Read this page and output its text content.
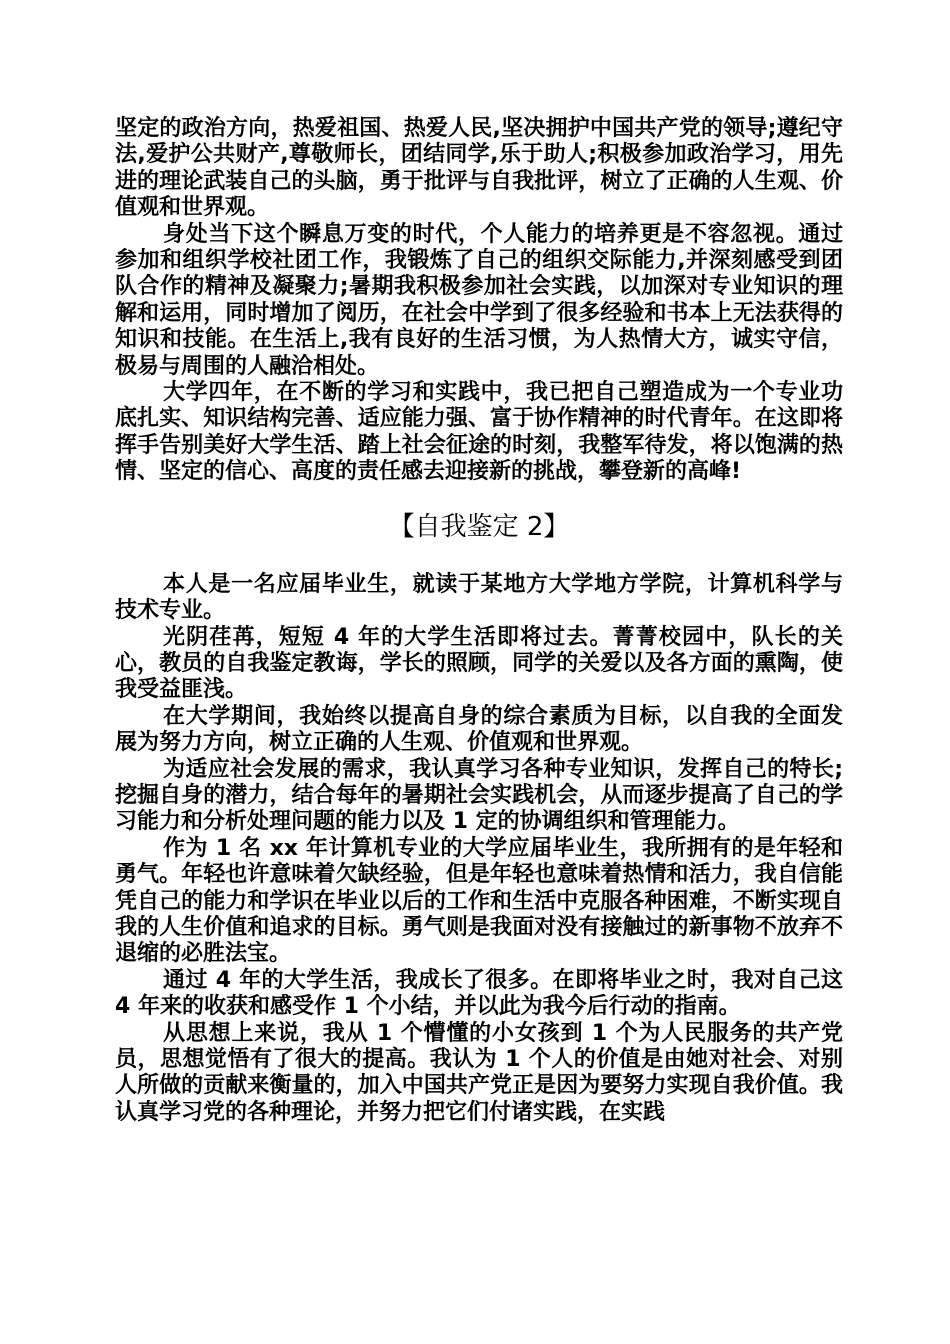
坚定的政治方向，热爱祖国、热爱人民,坚决拥护中国共产党的领导;遵纪守法,爱护公共财产,尊敬师长，团结同学,乐于助人;积极参加政治学习，用先进的理论武装自己的头脑，勇于批评与自我批评，树立了正确的人生观、价值观和世界观。

身处当下这个瞬息万变的时代，个人能力的培养更是不容忽视。通过参加和组织学校社团工作，我锻炼了自己的组织交际能力,并深刻感受到团队合作的精神及凝聚力;暑期我积极参加社会实践，以加深对专业知识的理解和运用，同时增加了阅历，在社会中学到了很多经验和书本上无法获得的知识和技能。在生活上,我有良好的生活习惯，为人热情大方，诚实守信，极易与周围的人融洽相处。

大学四年，在不断的学习和实践中，我已把自己塑造成为一个专业功底扎实、知识结构完善、适应能力强、富于协作精神的时代青年。在这即将挥手告别美好大学生活、踏上社会征途的时刻，我整军待发，将以饱满的热情、坚定的信心、高度的责任感去迎接新的挑战，攀登新的高峰!

【自我鉴定 2】

本人是一名应届毕业生，就读于某地方大学地方学院，计算机科学与技术专业。

光阴荏苒，短短 4 年的大学生活即将过去。菁菁校园中，队长的关心，教员的自我鉴定教诲，学长的照顾，同学的关爱以及各方面的熏陶，使我受益匪浅。

在大学期间，我始终以提高自身的综合素质为目标，以自我的全面发展为努力方向，树立正确的人生观、价值观和世界观。

为适应社会发展的需求，我认真学习各种专业知识，发挥自己的特长;挖掘自身的潜力，结合每年的暑期社会实践机会，从而逐步提高了自己的学习能力和分析处理问题的能力以及 1 定的协调组织和管理能力。

作为 1 名 xx 年计算机专业的大学应届毕业生，我所拥有的是年轻和勇气。年轻也许意味着欠缺经验，但是年轻也意味着热情和活力，我自信能凭自己的能力和学识在毕业以后的工作和生活中克服各种困难，不断实现自我的人生价值和追求的目标。勇气则是我面对没有接触过的新事物不放弃不退缩的必胜法宝。

通过 4 年的大学生活，我成长了很多。在即将毕业之时，我对自己这 4 年来的收获和感受作 1 个小结，并以此为我今后行动的指南。

从思想上来说，我从 1 个懵懂的小女孩到 1 个为人民服务的共产党员，思想觉悟有了很大的提高。我认为 1 个人的价值是由她对社会、对别人所做的贡献来衡量的，加入中国共产党正是因为要努力实现自我价值。我认真学习党的各种理论，并努力把它们付诸实践，在实践
